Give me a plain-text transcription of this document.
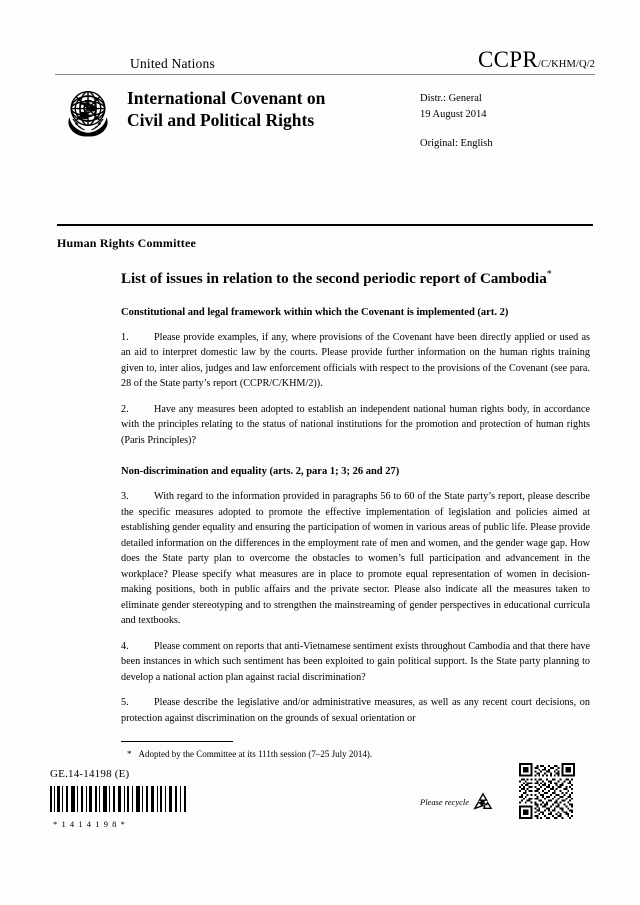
United Nations	CCPR/C/KHM/Q/2
International Covenant on
Civil and Political Rights
Distr.: General
19 August 2014
Original: English
Human Rights Committee
List of issues in relation to the second periodic report of Cambodia*
Constitutional and legal framework within which the Covenant is implemented (art. 2)

1. Please provide examples, if any, where provisions of the Covenant have been directly applied or used as an aid to interpret domestic law by the courts. Please provide further information on the human rights training given to, inter alios, judges and law enforcement officials with respect to the provisions of the Covenant (see para. 28 of the State party’s report (CCPR/C/KHM/2)).

2. Have any measures been adopted to establish an independent national human rights body, in accordance with the principles relating to the status of national institutions for the promotion and protection of human rights (Paris Principles)?

Non-discrimination and equality (arts. 2, para 1; 3; 26 and 27)

3. With regard to the information provided in paragraphs 56 to 60 of the State party’s report, please describe the specific measures adopted to promote the effective implementation of legislation and policies aimed at establishing gender equality and ensuring the participation of women in various areas of public life. Please provide detailed information on the differences in the employment rate of men and women, and the gender wage gap. How does the State party plan to overcome the obstacles to women’s full participation and advancement in the workplace? Please specify what measures are in place to promote equal representation of women in decision-making positions, both in public affairs and the private sector. Please also indicate all the measures taken to eliminate gender stereotyping and to strengthen the mainstreaming of gender perspectives in educational curricula and textbooks.

4. Please comment on reports that anti-Vietnamese sentiment exists throughout Cambodia and that there have been instances in which such sentiment has been exploited to gain political support. Is the State party planning to develop a national action plan against racial discrimination?

5. Please describe the legislative and/or administrative measures, as well as any recent court decisions, on protection against discrimination on the grounds of sexual orientation or

* Adopted by the Committee at its 111th session (7–25 July 2014).
GE.14-14198 (E)
*1414198*
Please recycle
